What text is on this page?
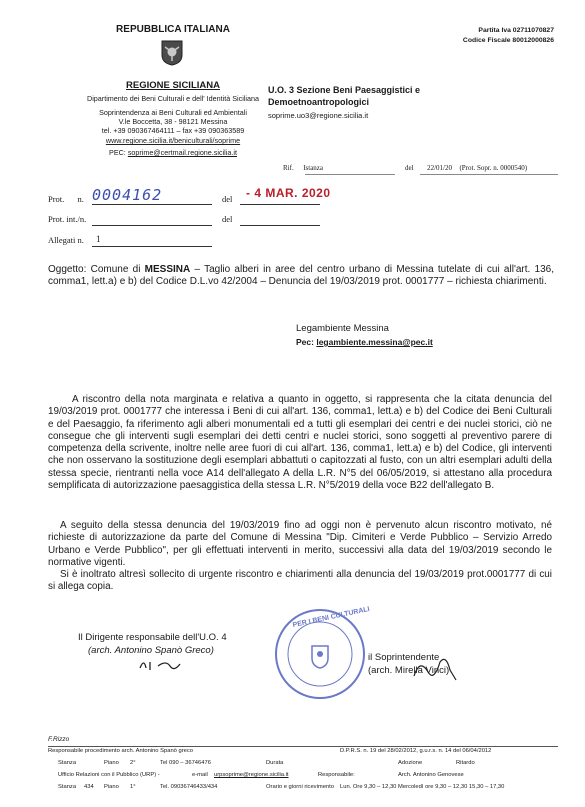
REPUBBLICA ITALIANA
REGIONE SICILIANA
Dipartimento dei Beni Culturali e dell' Identità Siciliana
Soprintendenza ai Beni Culturali ed Ambientali
V.le Boccetta, 38 - 98121 Messina
tel. +39 090367464111 – fax +39 090363589
www.regione.sicilia.it/beniculturali/soprime
PEC: soprime@certmail.regione.sicilia.it
Partita Iva 02711070827
Codice Fiscale 80012000826
U.O. 3 Sezione Beni Paesaggistici e
Demoetnoantropologici
soprime.uo3@regione.sicilia.it
Rif. Istanza	del 22/01/20 (Prot. Sopr. n. 0000540)
Prot. n. 0004162	del - 4 MAR. 2020
Prot. int./n.	del
Allegati n. 1

Oggetto: Comune di MESSINA – Taglio alberi in aree del centro urbano di Messina tutelate di cui all'art. 136, comma1, lett.a) e b) del Codice D.L.vo 42/2004 – Denuncia del 19/03/2019 prot. 0001777 – richiesta chiarimenti.

Legambiente Messina
Pec: legambiente.messina@pec.it

A riscontro della nota marginata e relativa a quanto in oggetto, si rappresenta che la citata denuncia del 19/03/2019 prot. 0001777 che interessa i Beni di cui all'art. 136, comma1, lett.a) e b) del Codice dei Beni Culturali e del Paesaggio, fa riferimento agli alberi monumentali ed a tutti gli esemplari dei centri e dei nuclei storici, ciò ne consegue che gli interventi sugli esemplari dei detti centri e nuclei storici, sono soggetti al preventivo parere di competenza della scrivente, inoltre nelle aree fuori di cui all'art. 136, comma1, lett.a) e b) del Codice, gli interventi che non osservano la sostituzione degli esemplari abbattuti o capitozzati al fusto, con un altri esemplari adulti della stessa specie, rientranti nella voce A14 dell'allegato A della L.R. N°5 del 06/05/2019, si attestano alla procedura semplificata di autorizzazione paesaggistica della stessa L.R. N°5/2019 della voce B22 dell'allegato B.

A seguito della stessa denuncia del 19/03/2019 fino ad oggi non è pervenuto alcun riscontro motivato, né richieste di autorizzazione da parte del Comune di Messina "Dip. Cimiteri e Verde Pubblico – Servizio Arredo Urbano e Verde Pubblico", per gli effettuati interventi in merito, successivi alla data del 19/03/2019 secondo le normative vigenti.

Si è inoltrato altresì sollecito di urgente riscontro e chiarimenti alla denuncia del 19/03/2019 prot.0001777 di cui si allega copia.

Il Dirigente responsabile dell'U.O. 4
(arch. Antonino Spanò Greco)
PER I BENI CULTURALI
il Soprintendente
(arch. Mirella Vinci)
F.Rizzo
Responsabile procedimento arch. Antonino Spanò greco	D.P.R.S. n. 19 del 28/02/2012, g.u.r.s. n. 14 del 06/04/2012
Stanza	Piano 2°	Tel 090 – 36746476	Durata	Adozione	Ritardo
Ufficio Relazioni con il Pubblico (URP) -	e-mail urpsoprime@regione.sicilia.it	Responsabile:	Arch. Antonino Genovese
Stanza 434 Piano 1°	Tel. 09036746433/434	Orario e giorni ricevimento Lun. Ore 9,30 – 12,30 Mercoledì ore 9,30 – 12,30 15,30 – 17,30
